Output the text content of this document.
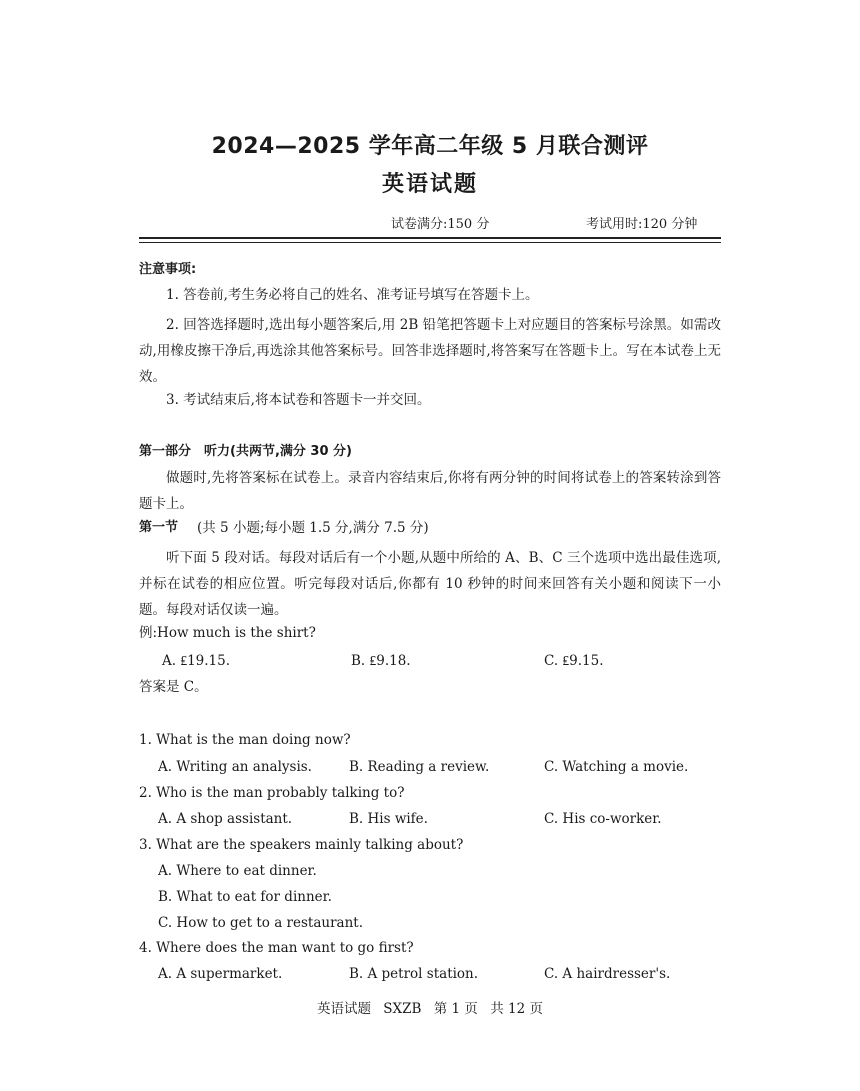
2024—2025 学年高二年级 5 月联合测评
英语试题
试卷满分:150 分	考试用时:120 分钟
注意事项:
1. 答卷前,考生务必将自己的姓名、准考证号填写在答题卡上。
2. 回答选择题时,选出每小题答案后,用 2B 铅笔把答题卡上对应题目的答案标号涂黑。如需改动,用橡皮擦干净后,再选涂其他答案标号。回答非选择题时,将答案写在答题卡上。写在本试卷上无效。
3. 考试结束后,将本试卷和答题卡一并交回。
第一部分　听力(共两节,满分 30 分)
做题时,先将答案标在试卷上。录音内容结束后,你将有两分钟的时间将试卷上的答案转涂到答题卡上。
第一节 (共 5 小题;每小题 1.5 分,满分 7.5 分)
听下面 5 段对话。每段对话后有一个小题,从题中所给的 A、B、C 三个选项中选出最佳选项,并标在试卷的相应位置。听完每段对话后,你都有 10 秒钟的时间来回答有关小题和阅读下一小题。每段对话仅读一遍。
例:How much is the shirt?
A. ₤19.15.	B. ₤9.18.	C. ₤9.15.
答案是 C。
1. What is the man doing now?
A. Writing an analysis.	B. Reading a review.	C. Watching a movie.
2. Who is the man probably talking to?
A. A shop assistant.	B. His wife.	C. His co-worker.
3. What are the speakers mainly talking about?
A. Where to eat dinner.
B. What to eat for dinner.
C. How to get to a restaurant.
4. Where does the man want to go first?
A. A supermarket.	B. A petrol station.	C. A hairdresser's.
英语试题 SXZB 第 1 页 共 12 页
